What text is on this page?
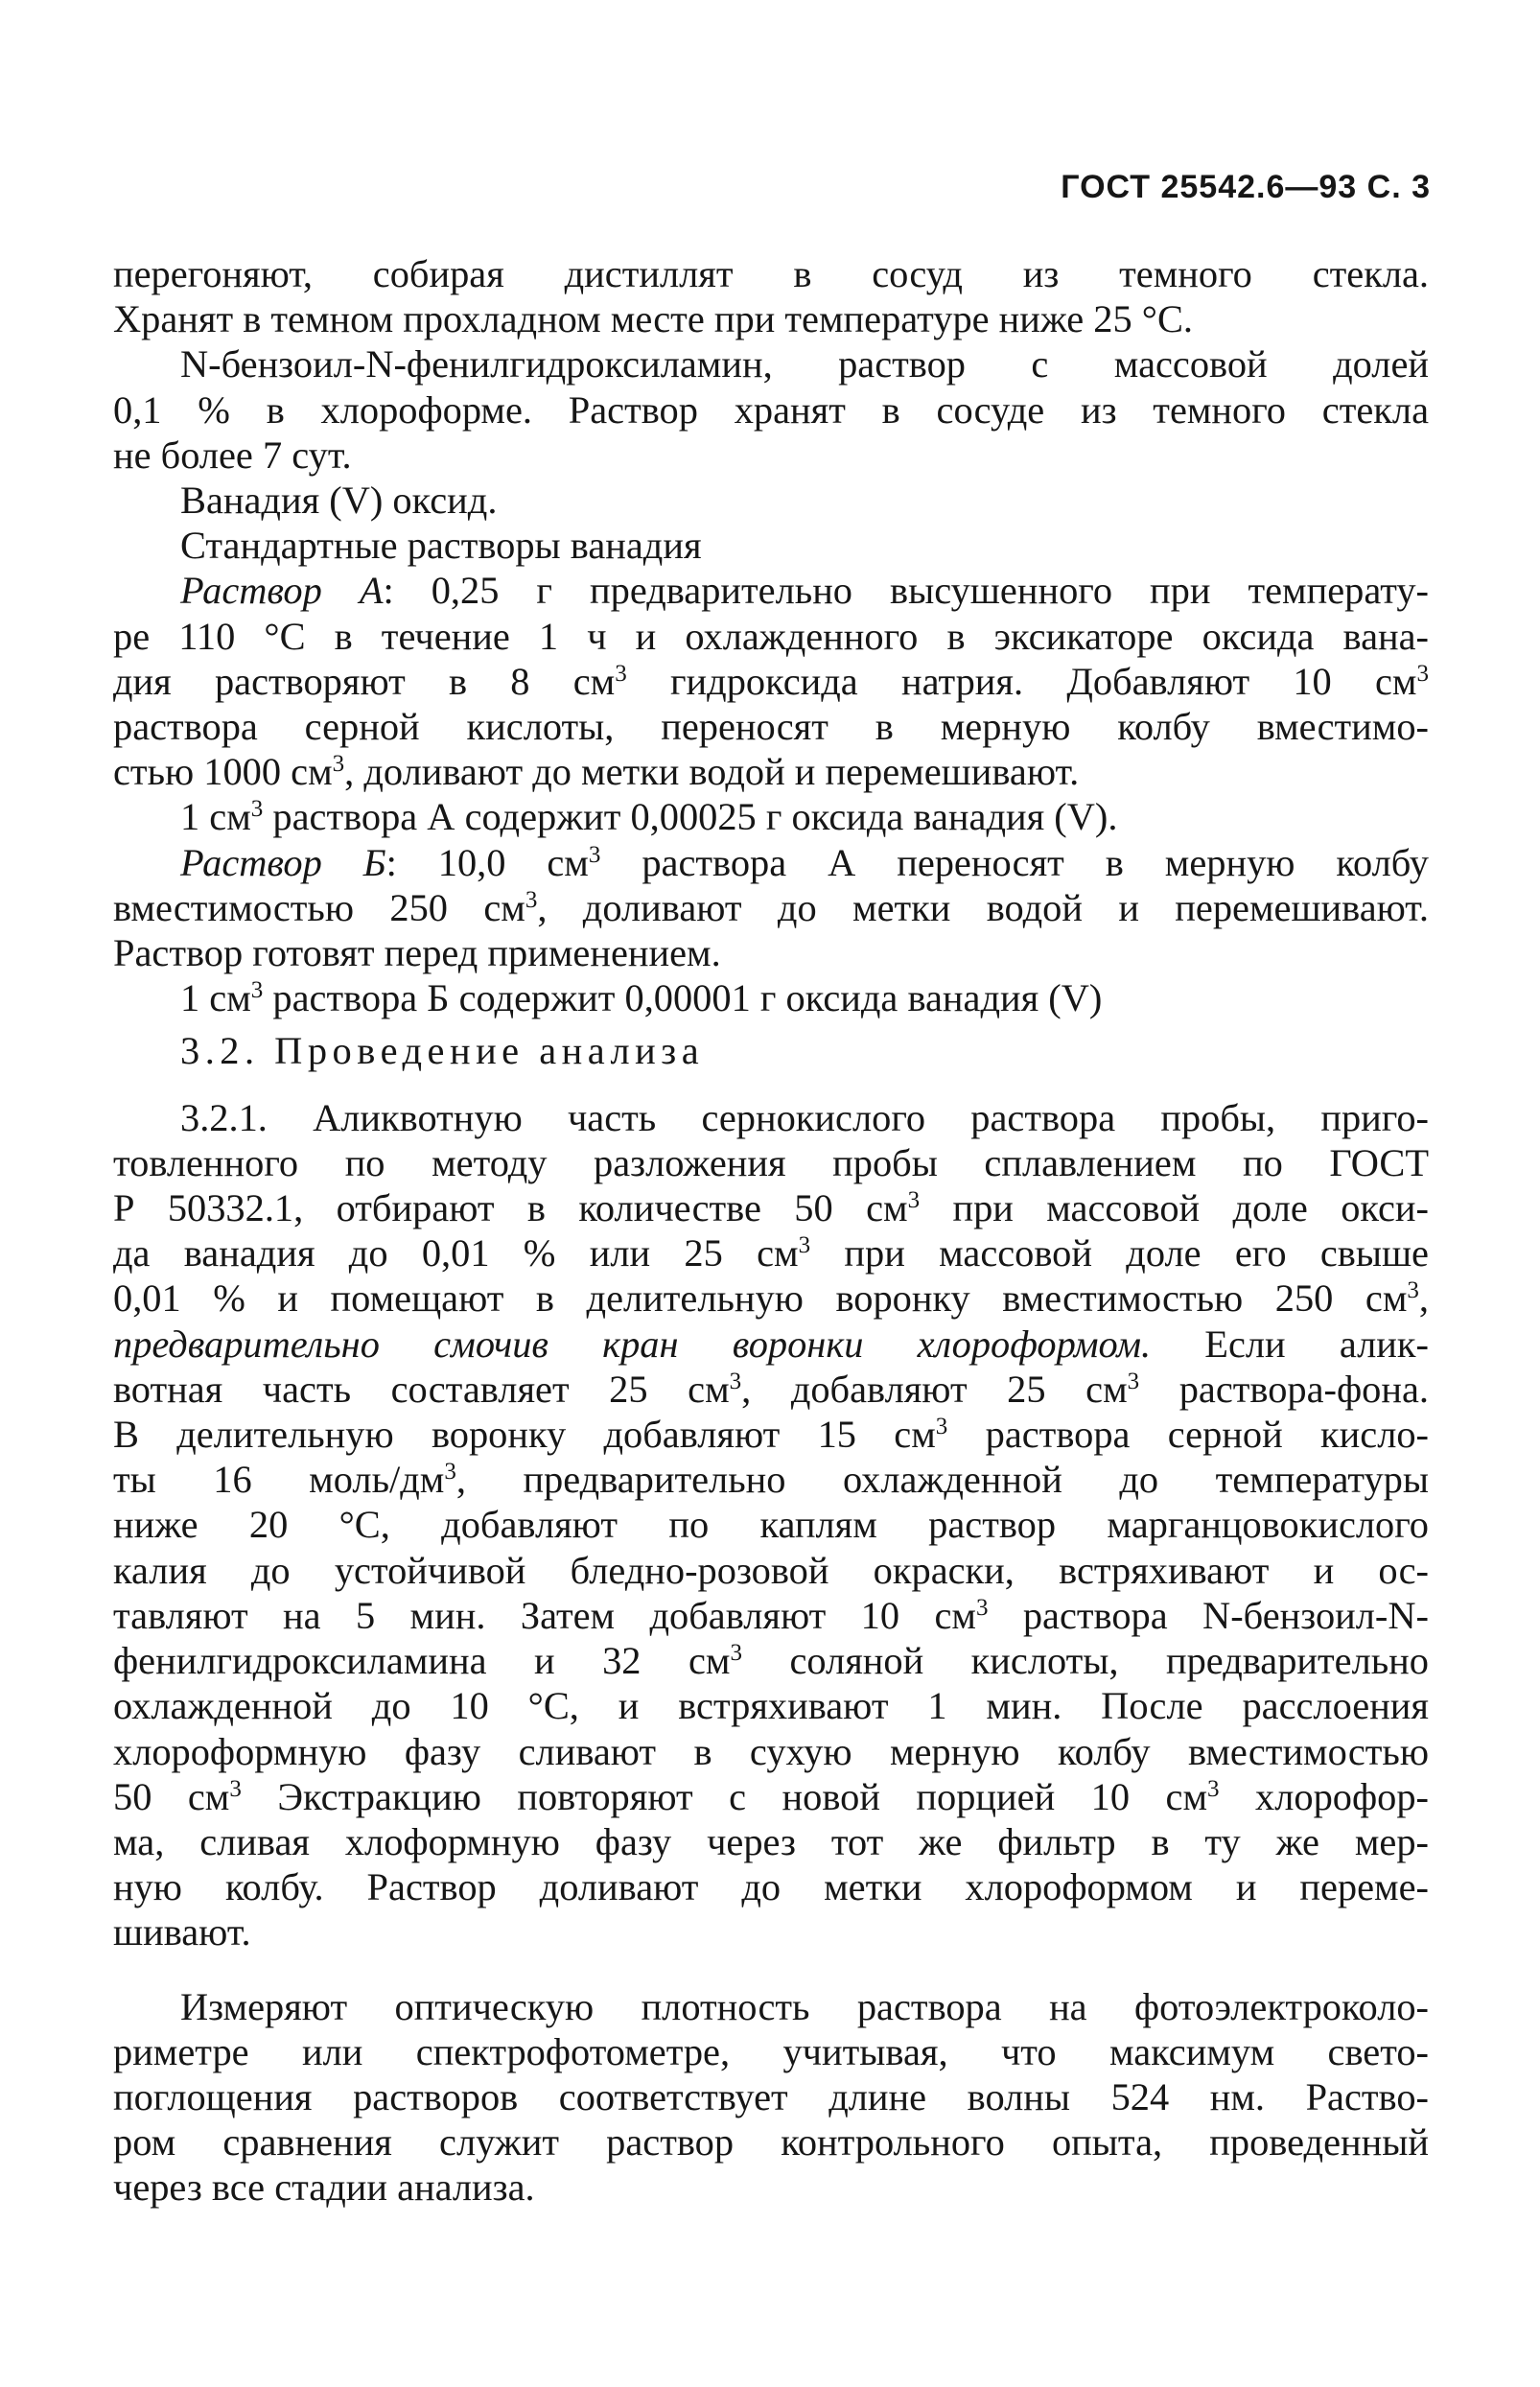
ГОСТ 25542.6—93 С. 3
перегоняют, собирая дистиллят в сосуд из темного стекла.
Хранят в темном прохладном месте при температуре ниже 25 °С.
N-бензоил-N-фенилгидроксиламин, раствор с массовой долей
0,1 % в хлороформе. Раствор хранят в сосуде из темного стекла
не более 7 сут.
Ванадия (V) оксид.
Стандартные растворы ванадия
Раствор А: 0,25 г предварительно высушенного при температу-
ре 110 °С в течение 1 ч и охлажденного в эксикаторе оксида вана-
дия растворяют в 8 $см^3$ гидроксида натрия. Добавляют 10 $см^3$
раствора серной кислоты, переносят в мерную колбу вместимо-
стью 1000 $см^3$, доливают до метки водой и перемешивают.
1 $см^3$ раствора А содержит 0,00025 г оксида ванадия (V).
Раствор Б: 10,0 $см^3$ раствора А переносят в мерную колбу
вместимостью 250 $см^3$, доливают до метки водой и перемешивают.
Раствор готовят перед применением.
1 $см^3$ раствора Б содержит 0,00001 г оксида ванадия (V)
3.2. Проведение анализа
3.2.1. Аликвотную часть сернокислого раствора пробы, приго-
товленного по методу разложения пробы сплавлением по ГОСТ
Р 50332.1, отбирают в количестве 50 $см^3$ при массовой доле окси-
да ванадия до 0,01 % или 25 $см^3$ при массовой доле его свыше
0,01 % и помещают в делительную воронку вместимостью 250 $см^3$,
предварительно смочив кран воронки хлороформом. Если алик-
вотная часть составляет 25 $см^3$, добавляют 25 $см^3$ раствора-фона.
В делительную воронку добавляют 15 $см^3$ раствора серной кисло-
ты 16 моль/$дм^3$, предварительно охлажденной до температуры
ниже 20 °С, добавляют по каплям раствор марганцовокислого
калия до устойчивой бледно-розовой окраски, встряхивают и ос-
тавляют на 5 мин. Затем добавляют 10 $см^3$ раствора N-бензоил-N-
фенилгидроксиламина и 32 $см^3$ соляной кислоты, предварительно
охлажденной до 10 °С, и встряхивают 1 мин. После расслоения
хлороформную фазу сливают в сухую мерную колбу вместимостью
50 $см^3$ Экстракцию повторяют с новой порцией 10 $см^3$ хлорофор-
ма, сливая хлоформную фазу через тот же фильтр в ту же мер-
ную колбу. Раствор доливают до метки хлороформом и переме-
шивают.
Измеряют оптическую плотность раствора на фотоэлектроколо-
риметре или спектрофотометре, учитывая, что максимум свето-
поглощения растворов соответствует длине волны 524 нм. Раство-
ром сравнения служит раствор контрольного опыта, проведенный
через все стадии анализа.
